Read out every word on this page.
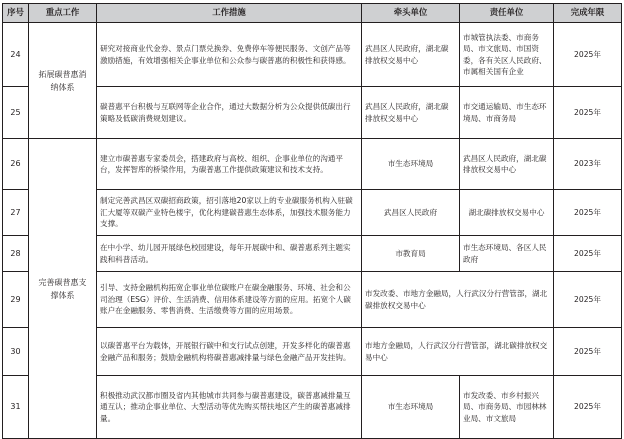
序号	重点工作	工作措施	牵头单位	责任单位	完成年限
24	拓展碳普惠消纳体系	研究对接商业代金券、景点门票兑换券、免费停车等便民服务、文创产品等激励措施，有效增强相关企事业单位和公众参与碳普惠的积极性和获得感。	武昌区人民政府，湖北碳排放权交易中心	市城管执法委、市商务局、市文旅局、市国资委，各有关区人民政府、市属相关国有企业	2025年
25		碳普惠平台积极与互联网等企业合作，通过大数据分析为公众提供低碳出行策略及低碳消费规划建议。	武昌区人民政府，湖北碳排放权交易中心	市交通运输局、市生态环境局、市商务局	2025年
26	完善碳普惠支撑体系	建立市碳普惠专家委员会，搭建政府与高校、组织、企事业单位的沟通平台，发挥智库的桥梁作用，为碳普惠工作提供政策建议和技术支持。	市生态环境局	武昌区人民政府，湖北碳排放权交易中心	2023年
27		制定完善武昌区双碳招商政策，招引落地20家以上的专业碳服务机构入驻碳汇大厦等双碳产业特色楼宇，优化构建碳普惠生态体系，加强技术服务能力支撑。	武昌区人民政府	湖北碳排放权交易中心	2025年
28		在中小学、幼儿园开展绿色校园建设，每年开展碳中和、碳普惠系列主题实践和科普活动。	市教育局	市生态环境局、各区人民政府	2025年
29		引导、支持金融机构拓宽企事业单位碳账户在碳金融服务、环境、社会和公司治理（ESG）评价、生活消费、信用体系建设等方面的应用。拓宽个人碳账户在金融服务、零售消费、生活缴费等方面的应用场景。	市发改委、市地方金融局，人行武汉分行营管部，湖北碳排放权交易中心		2025年
30		以碳普惠平台为载体，开展银行碳中和支行试点创建，开发多样化的碳普惠金融产品和服务；鼓励金融机构将碳普惠减排量与绿色金融产品开发挂钩。	市地方金融局，人行武汉分行营管部，湖北碳排放权交易中心		2025年
31		积极推动武汉都市圈及省内其他城市共同参与碳普惠建设，碳普惠减排量互通互认；推动企事业单位、大型活动等优先购买帮扶地区产生的碳普惠减排量。	市生态环境局	市发改委、市乡村振兴局、市商务局、市园林林业局、市文旅局	2025年
